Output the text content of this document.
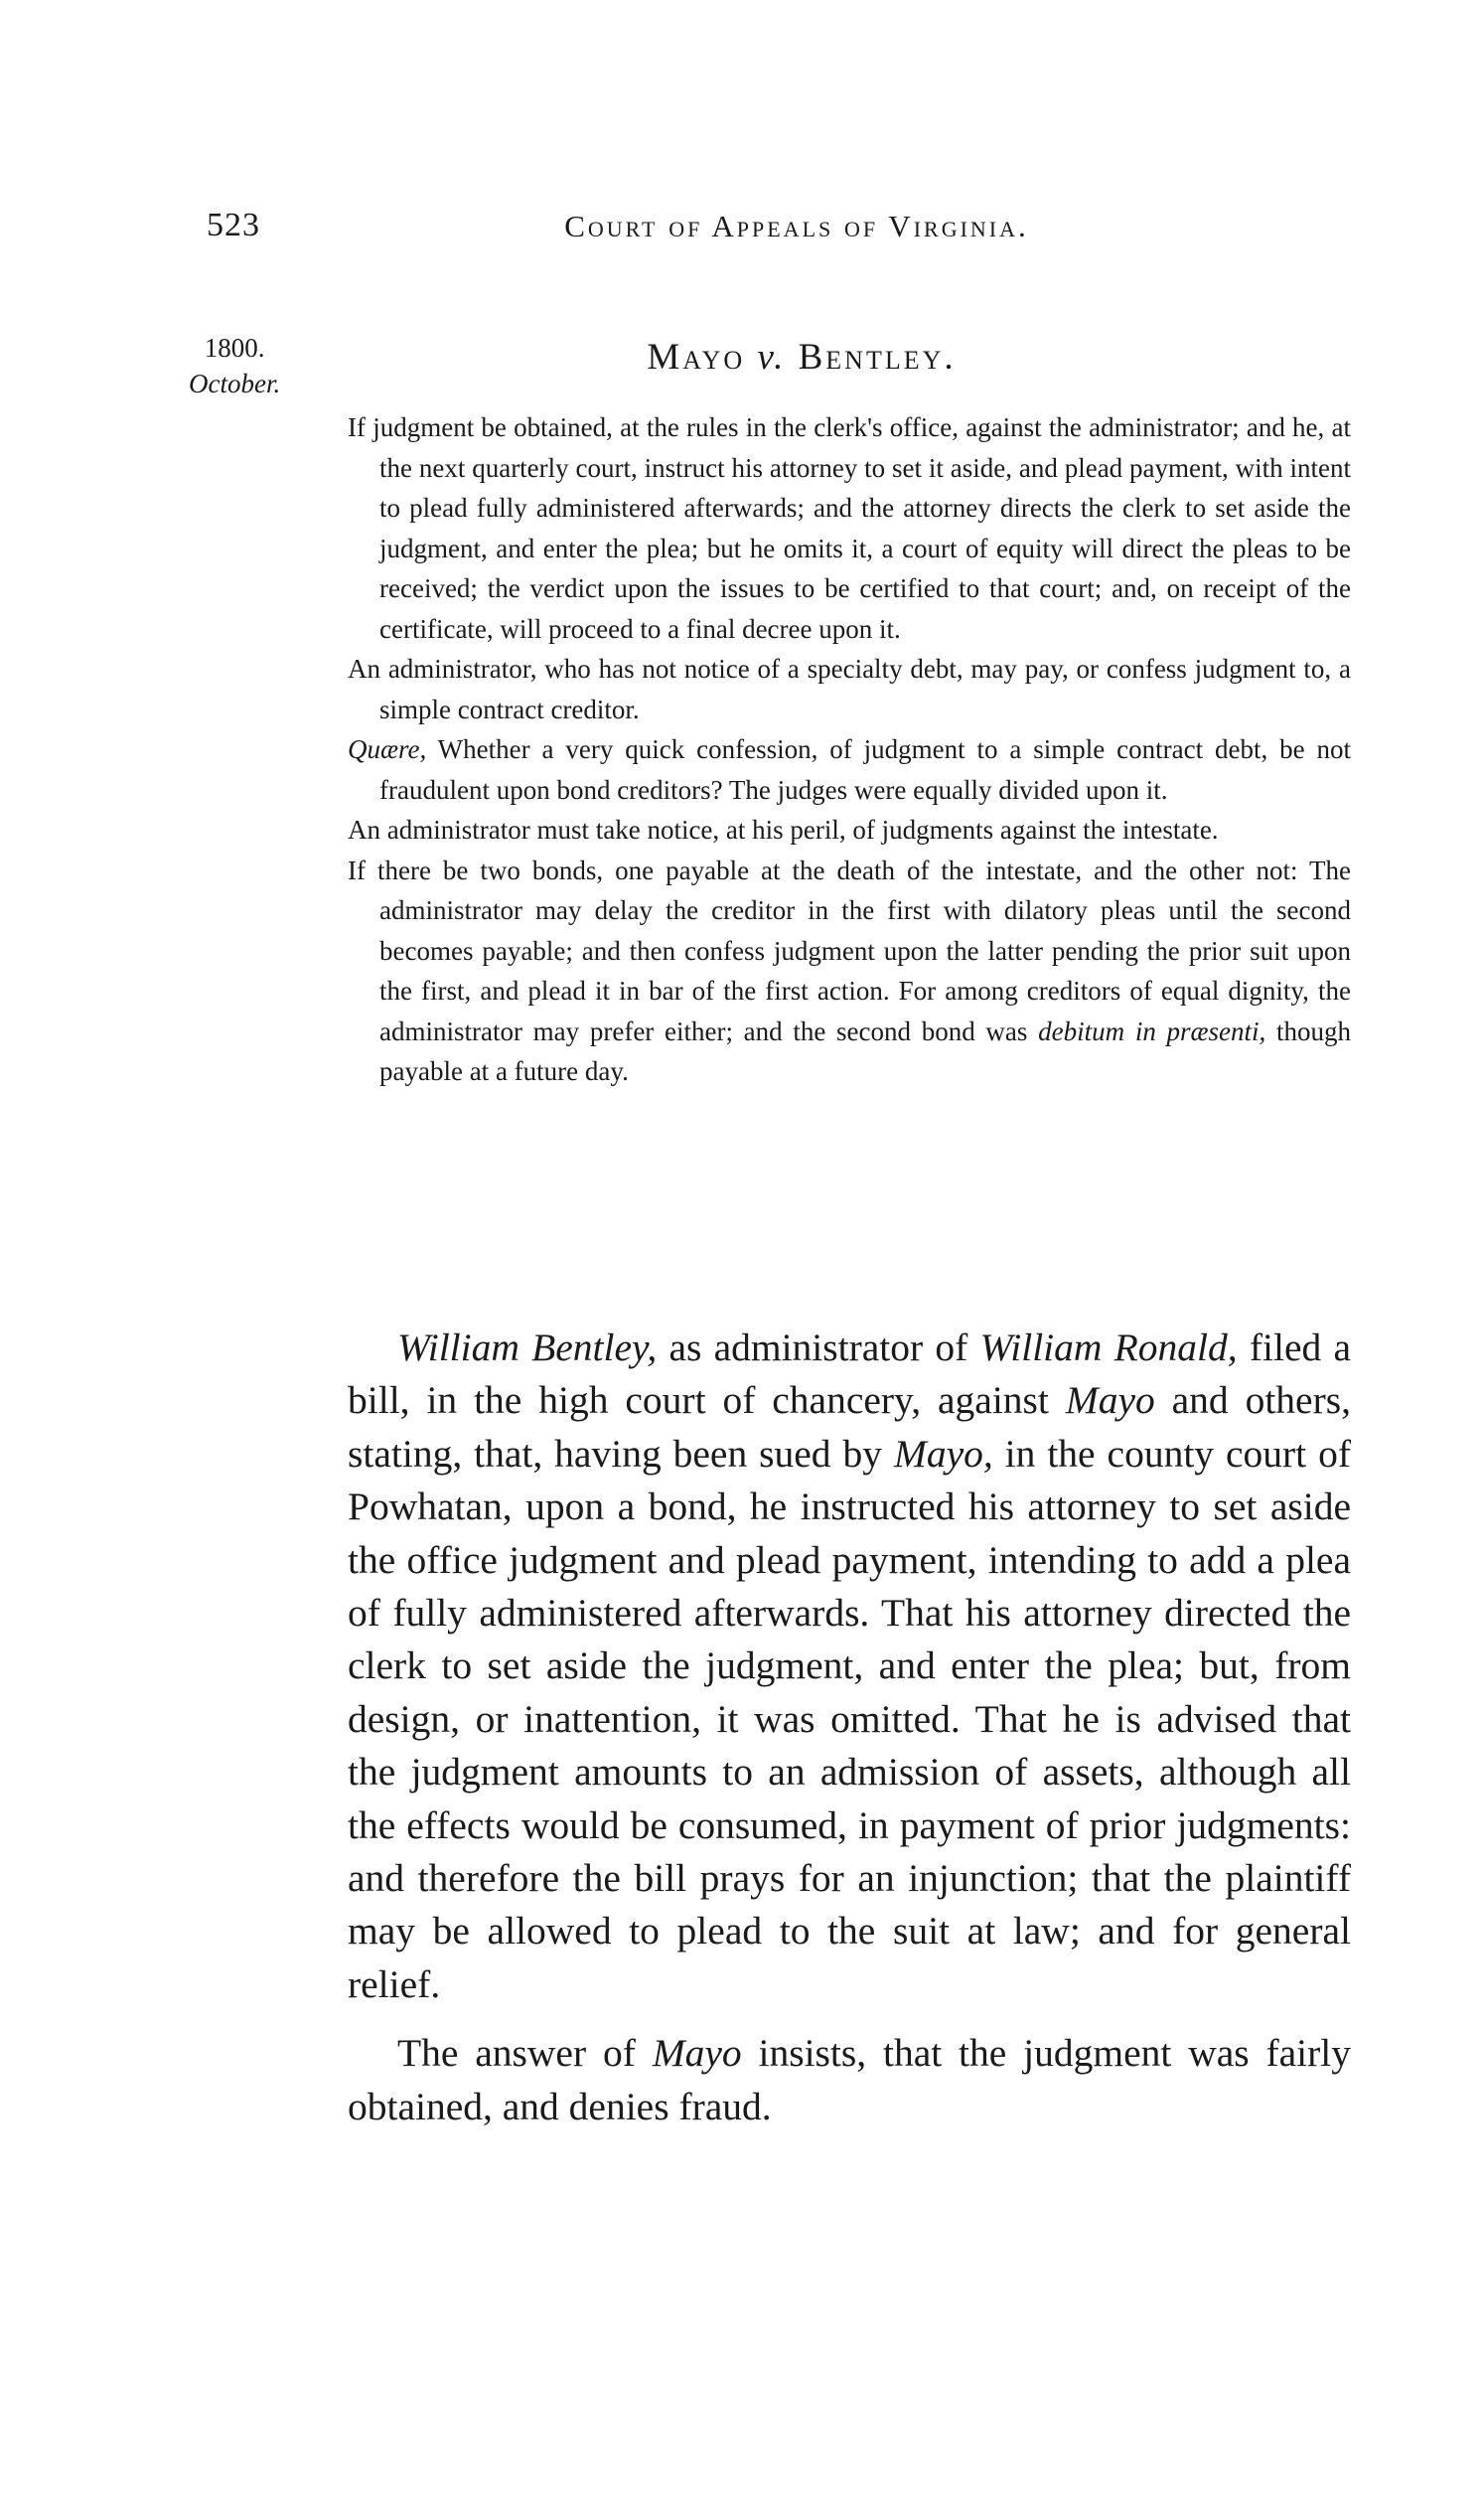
523	Court of Appeals of Virginia.
1800.
October.
Mayo v. Bentley.
If judgment be obtained, at the rules in the clerk's office, against the administrator; and he, at the next quarterly court, instruct his attorney to set it aside, and plead payment, with intent to plead fully administered afterwards; and the attorney directs the clerk to set aside the judgment, and enter the plea; but he omits it, a court of equity will direct the pleas to be received; the verdict upon the issues to be certified to that court; and, on receipt of the certificate, will proceed to a final decree upon it.
An administrator, who has not notice of a specialty debt, may pay, or confess judgment to, a simple contract creditor.
Quære, Whether a very quick confession, of judgment to a simple contract debt, be not fraudulent upon bond creditors? The judges were equally divided upon it.
An administrator must take notice, at his peril, of judgments against the intestate.
If there be two bonds, one payable at the death of the intestate, and the other not: The administrator may delay the creditor in the first with dilatory pleas until the second becomes payable; and then confess judgment upon the latter pending the prior suit upon the first, and plead it in bar of the first action. For among creditors of equal dignity, the administrator may prefer either; and the second bond was debitum in præsenti, though payable at a future day.

William Bentley, as administrator of William Ronald, filed a bill, in the high court of chancery, against Mayo and others, stating, that, having been sued by Mayo, in the county court of Powhatan, upon a bond, he instructed his attorney to set aside the office judgment and plead payment, intending to add a plea of fully administered afterwards. That his attorney directed the clerk to set aside the judgment, and enter the plea; but, from design, or inattention, it was omitted. That he is advised that the judgment amounts to an admission of assets, although all the effects would be consumed, in payment of prior judgments: and therefore the bill prays for an injunction; that the plaintiff may be allowed to plead to the suit at law; and for general relief.

The answer of Mayo insists, that the judgment was fairly obtained, and denies fraud.
